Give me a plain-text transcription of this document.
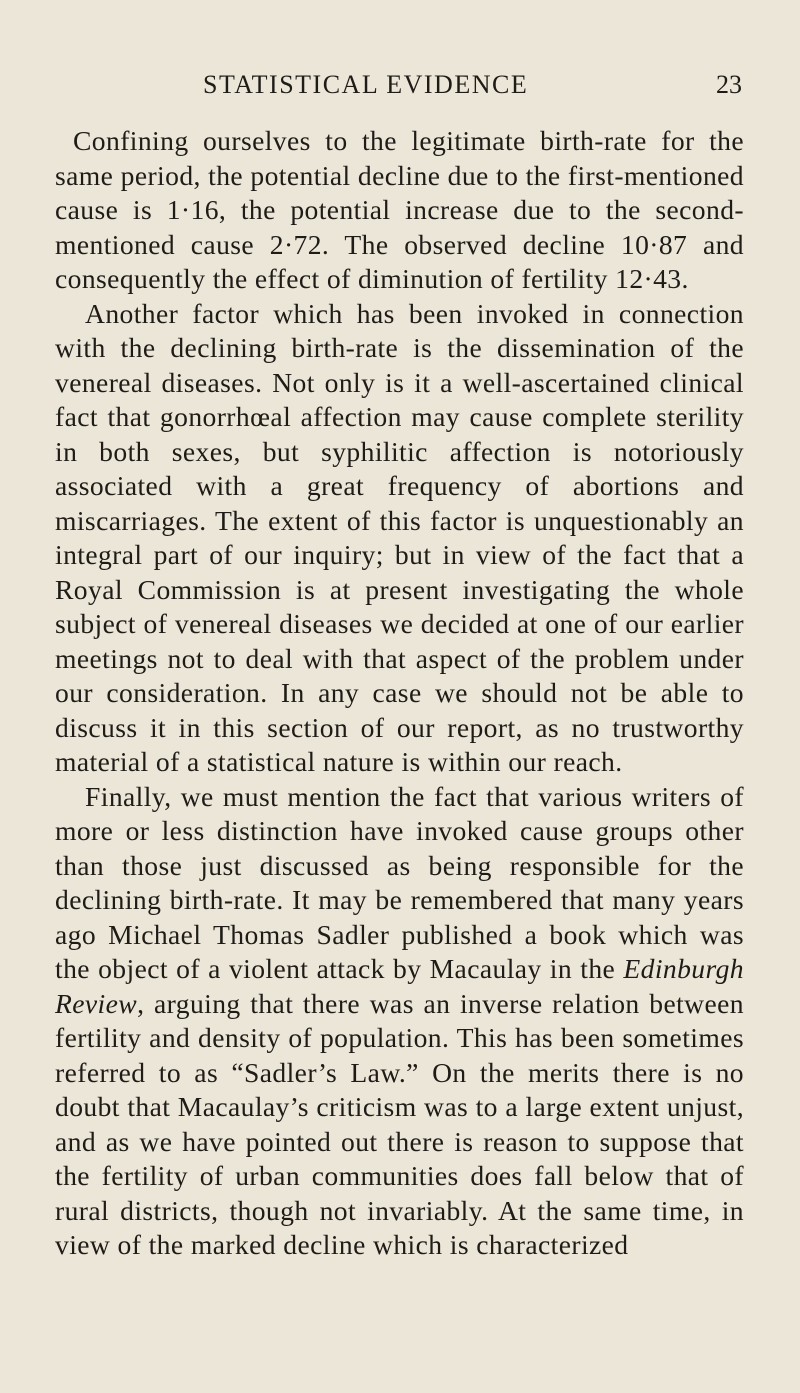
STATISTICAL EVIDENCE	23

Confining ourselves to the legitimate birth-rate for the same period, the potential decline due to the first-mentioned cause is 1·16, the potential increase due to the second-mentioned cause 2·72. The observed decline 10·87 and consequently the effect of diminution of fertility 12·43.

Another factor which has been invoked in connection with the declining birth-rate is the dissemination of the venereal diseases. Not only is it a well-ascertained clinical fact that gonorrhœal affection may cause complete sterility in both sexes, but syphilitic affection is notoriously associated with a great frequency of abortions and miscarriages. The extent of this factor is unquestionably an integral part of our inquiry; but in view of the fact that a Royal Commission is at present investigating the whole subject of venereal diseases we decided at one of our earlier meetings not to deal with that aspect of the problem under our consideration. In any case we should not be able to discuss it in this section of our report, as no trustworthy material of a statistical nature is within our reach.

Finally, we must mention the fact that various writers of more or less distinction have invoked cause groups other than those just discussed as being responsible for the declining birth-rate. It may be remembered that many years ago Michael Thomas Sadler published a book which was the object of a violent attack by Macaulay in the Edinburgh Review, arguing that there was an inverse relation between fertility and density of population. This has been sometimes referred to as “Sadler’s Law.” On the merits there is no doubt that Macaulay’s criticism was to a large extent unjust, and as we have pointed out there is reason to suppose that the fertility of urban communities does fall below that of rural districts, though not invariably. At the same time, in view of the marked decline which is characterized
